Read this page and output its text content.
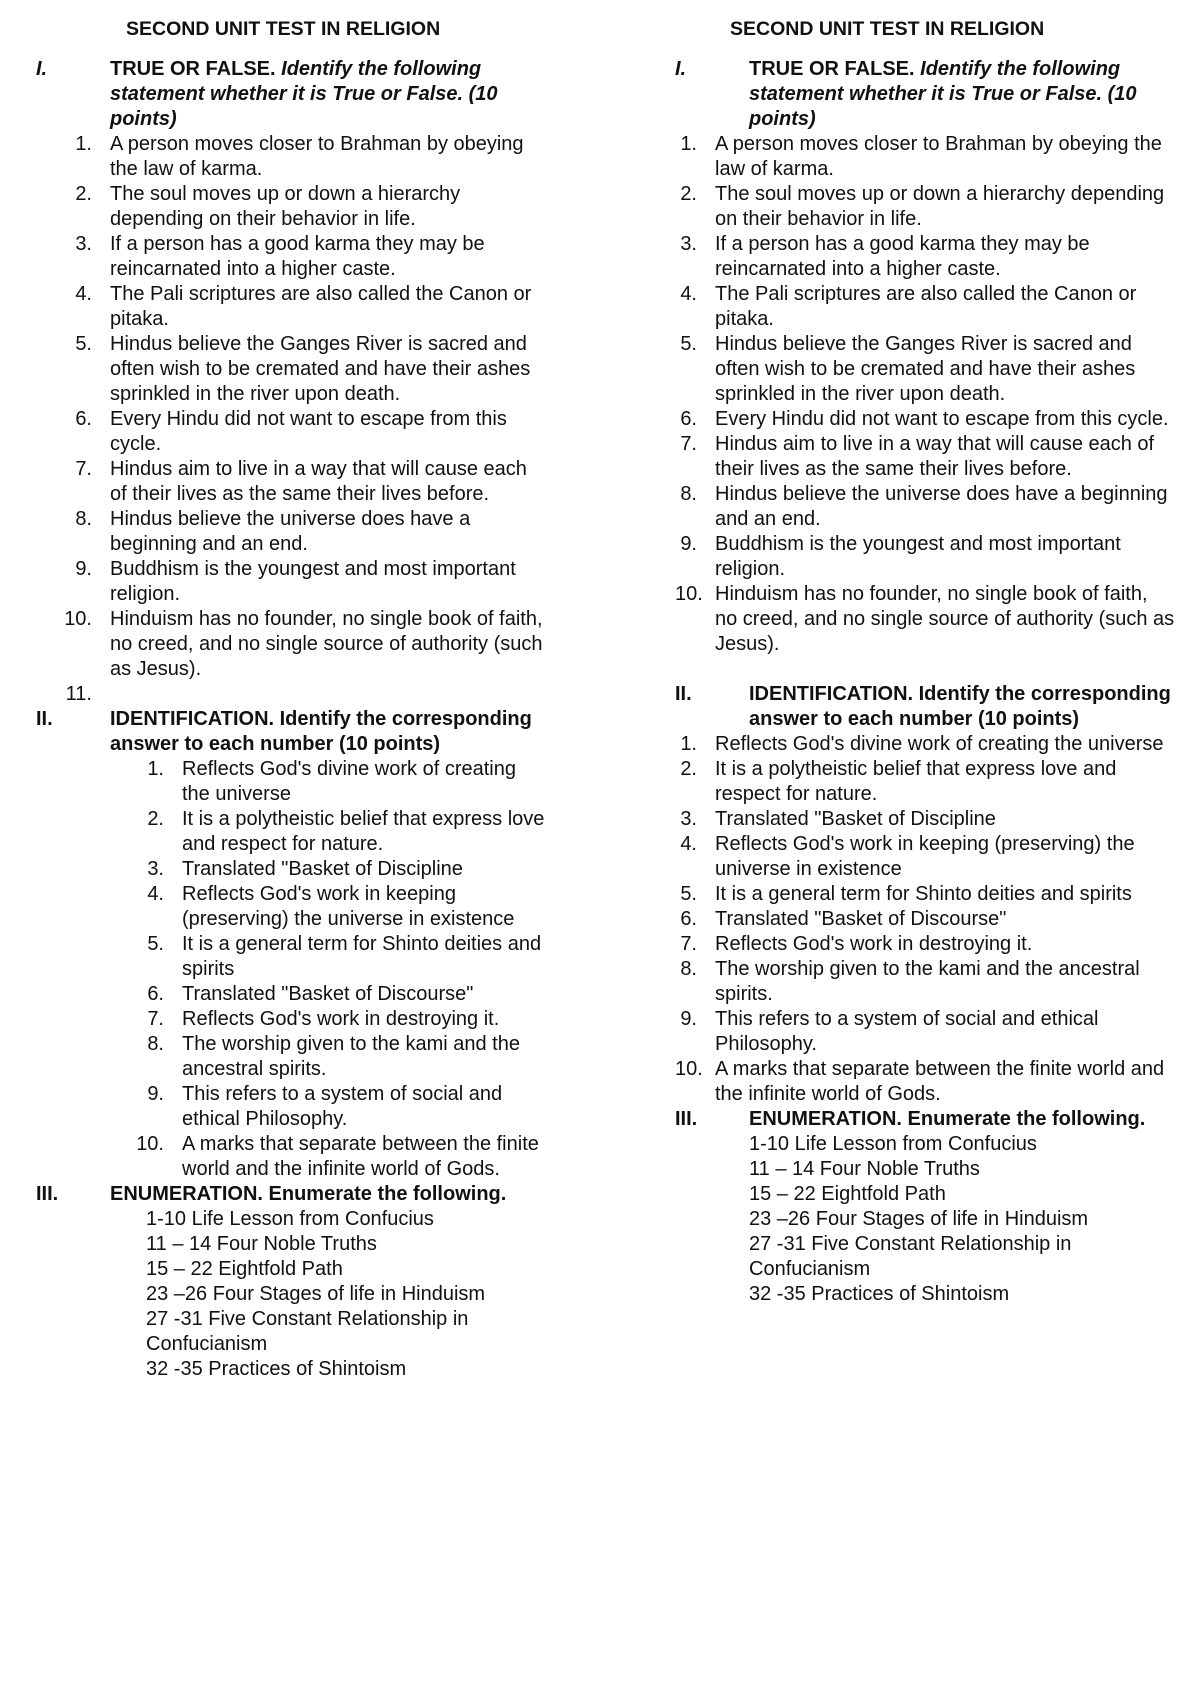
SECOND UNIT TEST IN RELIGION
I.	TRUE OR FALSE. Identify the following statement whether it is True or False. (10 points)
1. A person moves closer to Brahman by obeying the law of karma.
2. The soul moves up or down a hierarchy depending on their behavior in life.
3. If a person has a good karma they may be reincarnated into a higher caste.
4. The Pali scriptures are also called the Canon or pitaka.
5. Hindus believe the Ganges River is sacred and often wish to be cremated and have their ashes sprinkled in the river upon death.
6. Every Hindu did not want to escape from this cycle.
7. Hindus aim to live in a way that will cause each of their lives as the same their lives before.
8. Hindus believe the universe does have a beginning and an end.
9. Buddhism is the youngest and most important religion.
10. Hinduism has no founder, no single book of faith, no creed, and no single source of authority (such as Jesus).
11.
II.	IDENTIFICATION. Identify the corresponding answer to each number (10 points)
1. Reflects God's divine work of creating the universe
2. It is a polytheistic belief that express love and respect for nature.
3. Translated "Basket of Discipline
4. Reflects God's work in keeping (preserving) the universe in existence
5. It is a general term for Shinto deities and spirits
6. Translated "Basket of Discourse"
7. Reflects God's work in destroying it.
8. The worship given to the kami and the ancestral spirits.
9. This refers to a system of social and ethical Philosophy.
10. A marks that separate between the finite world and the infinite world of Gods.
III.	ENUMERATION. Enumerate the following.
1-10 Life Lesson from Confucius
11 – 14 Four Noble Truths
15 – 22 Eightfold Path
23 –26 Four Stages of life in Hinduism
27 -31 Five Constant Relationship in Confucianism
32 -35 Practices of Shintoism
SECOND UNIT TEST IN RELIGION
I.	TRUE OR FALSE. Identify the following statement whether it is True or False. (10 points)
1. A person moves closer to Brahman by obeying the law of karma.
2. The soul moves up or down a hierarchy depending on their behavior in life.
3. If a person has a good karma they may be reincarnated into a higher caste.
4. The Pali scriptures are also called the Canon or pitaka.
5. Hindus believe the Ganges River is sacred and often wish to be cremated and have their ashes sprinkled in the river upon death.
6. Every Hindu did not want to escape from this cycle.
7. Hindus aim to live in a way that will cause each of their lives as the same their lives before.
8. Hindus believe the universe does have a beginning and an end.
9. Buddhism is the youngest and most important religion.
10. Hinduism has no founder, no single book of faith, no creed, and no single source of authority (such as Jesus).
II.	IDENTIFICATION. Identify the corresponding answer to each number (10 points)
1. Reflects God's divine work of creating the universe
2. It is a polytheistic belief that express love and respect for nature.
3. Translated "Basket of Discipline
4. Reflects God's work in keeping (preserving) the universe in existence
5. It is a general term for Shinto deities and spirits
6. Translated "Basket of Discourse"
7. Reflects God's work in destroying it.
8. The worship given to the kami and the ancestral spirits.
9. This refers to a system of social and ethical Philosophy.
10. A marks that separate between the finite world and the infinite world of Gods.
III.	ENUMERATION. Enumerate the following.
1-10 Life Lesson from Confucius
11 – 14 Four Noble Truths
15 – 22 Eightfold Path
23 –26 Four Stages of life in Hinduism
27 -31 Five Constant Relationship in Confucianism
32 -35 Practices of Shintoism
